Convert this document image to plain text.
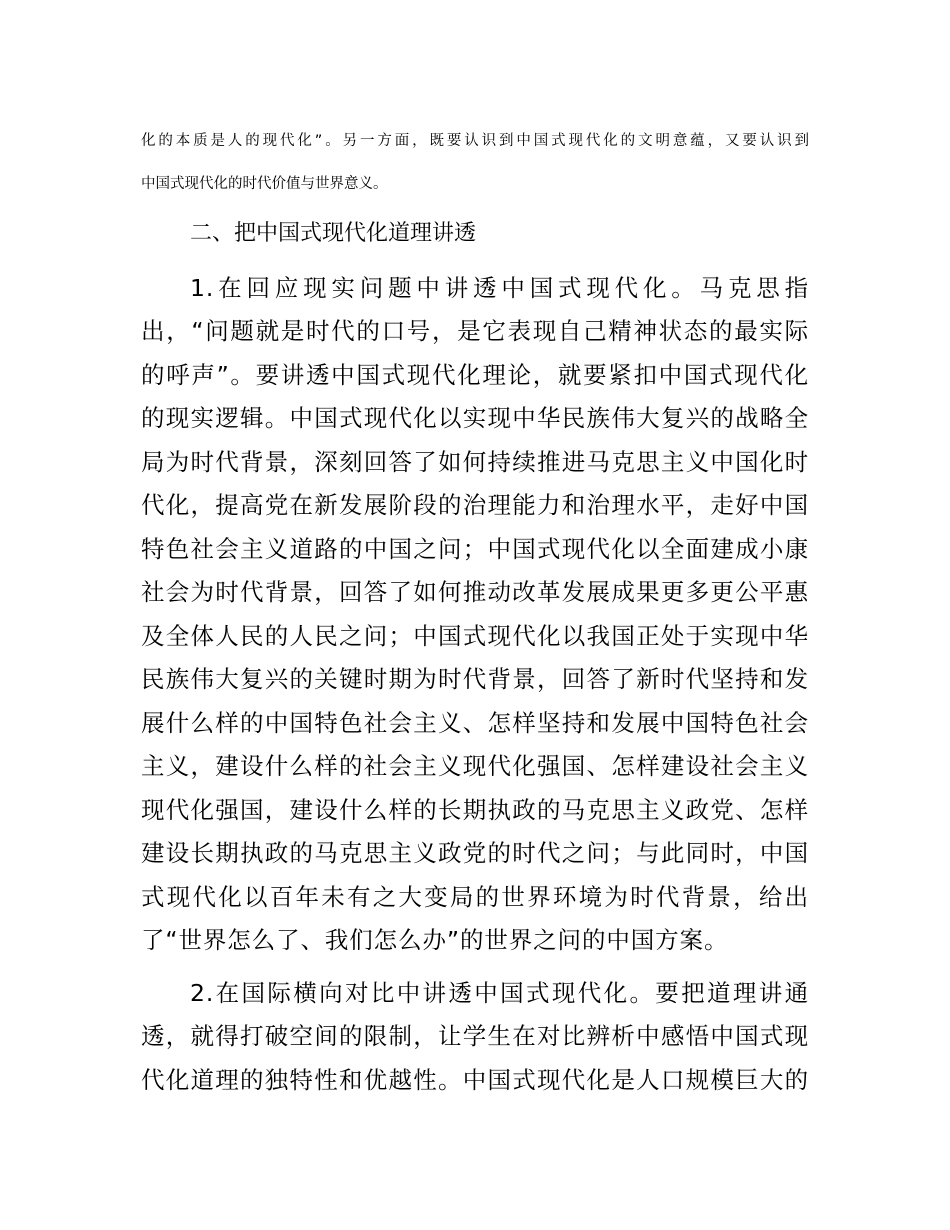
化的本质是人的现代化”。另一方面，既要认识到中国式现代化的文明意蕴，又要认识到

中国式现代化的时代价值与世界意义。

二、把中国式现代化道理讲透

1.在回应现实问题中讲透中国式现代化。马克思指

出，“问题就是时代的口号，是它表现自己精神状态的最实际

的呼声”。要讲透中国式现代化理论，就要紧扣中国式现代化

的现实逻辑。中国式现代化以实现中华民族伟大复兴的战略全

局为时代背景，深刻回答了如何持续推进马克思主义中国化时

代化，提高党在新发展阶段的治理能力和治理水平，走好中国

特色社会主义道路的中国之问；中国式现代化以全面建成小康

社会为时代背景，回答了如何推动改革发展成果更多更公平惠

及全体人民的人民之问；中国式现代化以我国正处于实现中华

民族伟大复兴的关键时期为时代背景，回答了新时代坚持和发

展什么样的中国特色社会主义、怎样坚持和发展中国特色社会

主义，建设什么样的社会主义现代化强国、怎样建设社会主义

现代化强国，建设什么样的长期执政的马克思主义政党、怎样

建设长期执政的马克思主义政党的时代之问；与此同时，中国

式现代化以百年未有之大变局的世界环境为时代背景，给出

了“世界怎么了、我们怎么办”的世界之问的中国方案。

2.在国际横向对比中讲透中国式现代化。要把道理讲通

透，就得打破空间的限制，让学生在对比辨析中感悟中国式现

代化道理的独特性和优越性。中国式现代化是人口规模巨大的
